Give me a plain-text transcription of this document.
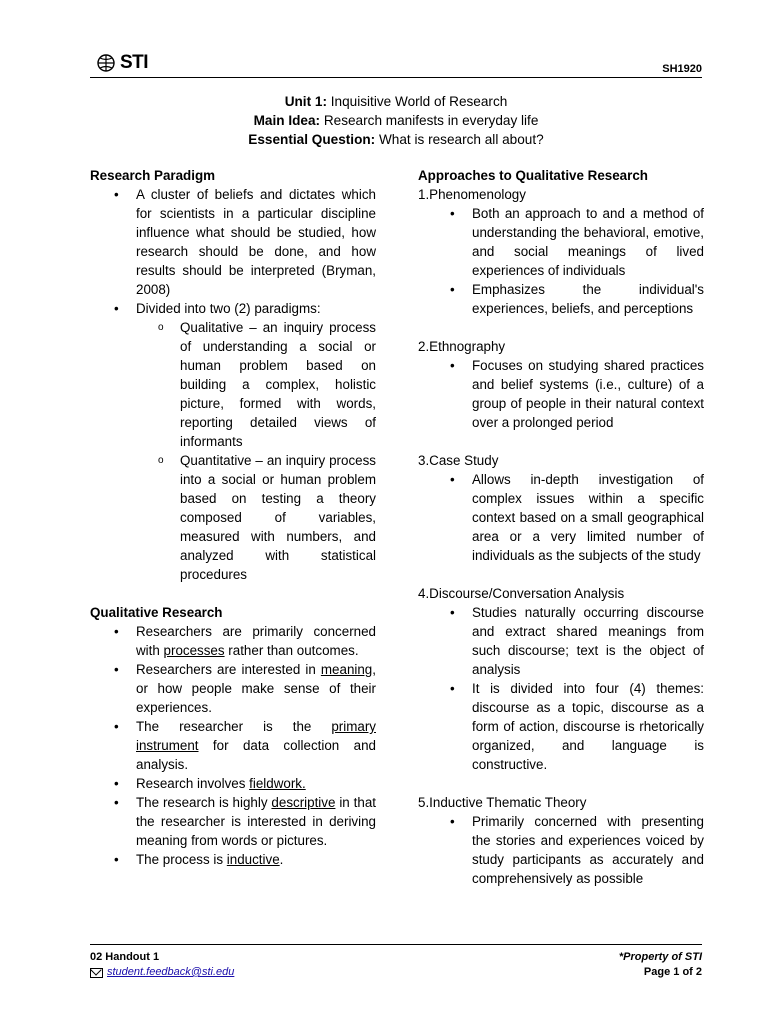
STI	SH1920
Unit 1: Inquisitive World of Research
Main Idea: Research manifests in everyday life
Essential Question: What is research all about?

Research Paradigm

• A cluster of beliefs and dictates which for scientists in a particular discipline influence what should be studied, how research should be done, and how results should be interpreted (Bryman, 2008)
• Divided into two (2) paradigms:
o Qualitative – an inquiry process of understanding a social or human problem based on building a complex, holistic picture, formed with words, reporting detailed views of informants
o Quantitative – an inquiry process into a social or human problem based on testing a theory composed of variables, measured with numbers, and analyzed with statistical procedures

Qualitative Research

• Researchers are primarily concerned with processes rather than outcomes.
• Researchers are interested in meaning, or how people make sense of their experiences.
• The researcher is the primary instrument for data collection and analysis.
• Research involves fieldwork.
• The research is highly descriptive in that the researcher is interested in deriving meaning from words or pictures.
• The process is inductive.

Approaches to Qualitative Research

1.Phenomenology
• Both an approach to and a method of understanding the behavioral, emotive, and social meanings of lived experiences of individuals
• Emphasizes the individual's experiences, beliefs, and perceptions
2.Ethnography
• Focuses on studying shared practices and belief systems (i.e., culture) of a group of people in their natural context over a prolonged period
3.Case Study
• Allows in-depth investigation of complex issues within a specific context based on a small geographical area or a very limited number of individuals as the subjects of the study
4.Discourse/Conversation Analysis
• Studies naturally occurring discourse and extract shared meanings from such discourse; text is the object of analysis
• It is divided into four (4) themes: discourse as a topic, discourse as a form of action, discourse is rhetorically organized, and language is constructive.
5.Inductive Thematic Theory
• Primarily concerned with presenting the stories and experiences voiced by study participants as accurately and comprehensively as possible
02 Handout 1
student.feedback@sti.edu
*Property of STI
Page 1 of 2
